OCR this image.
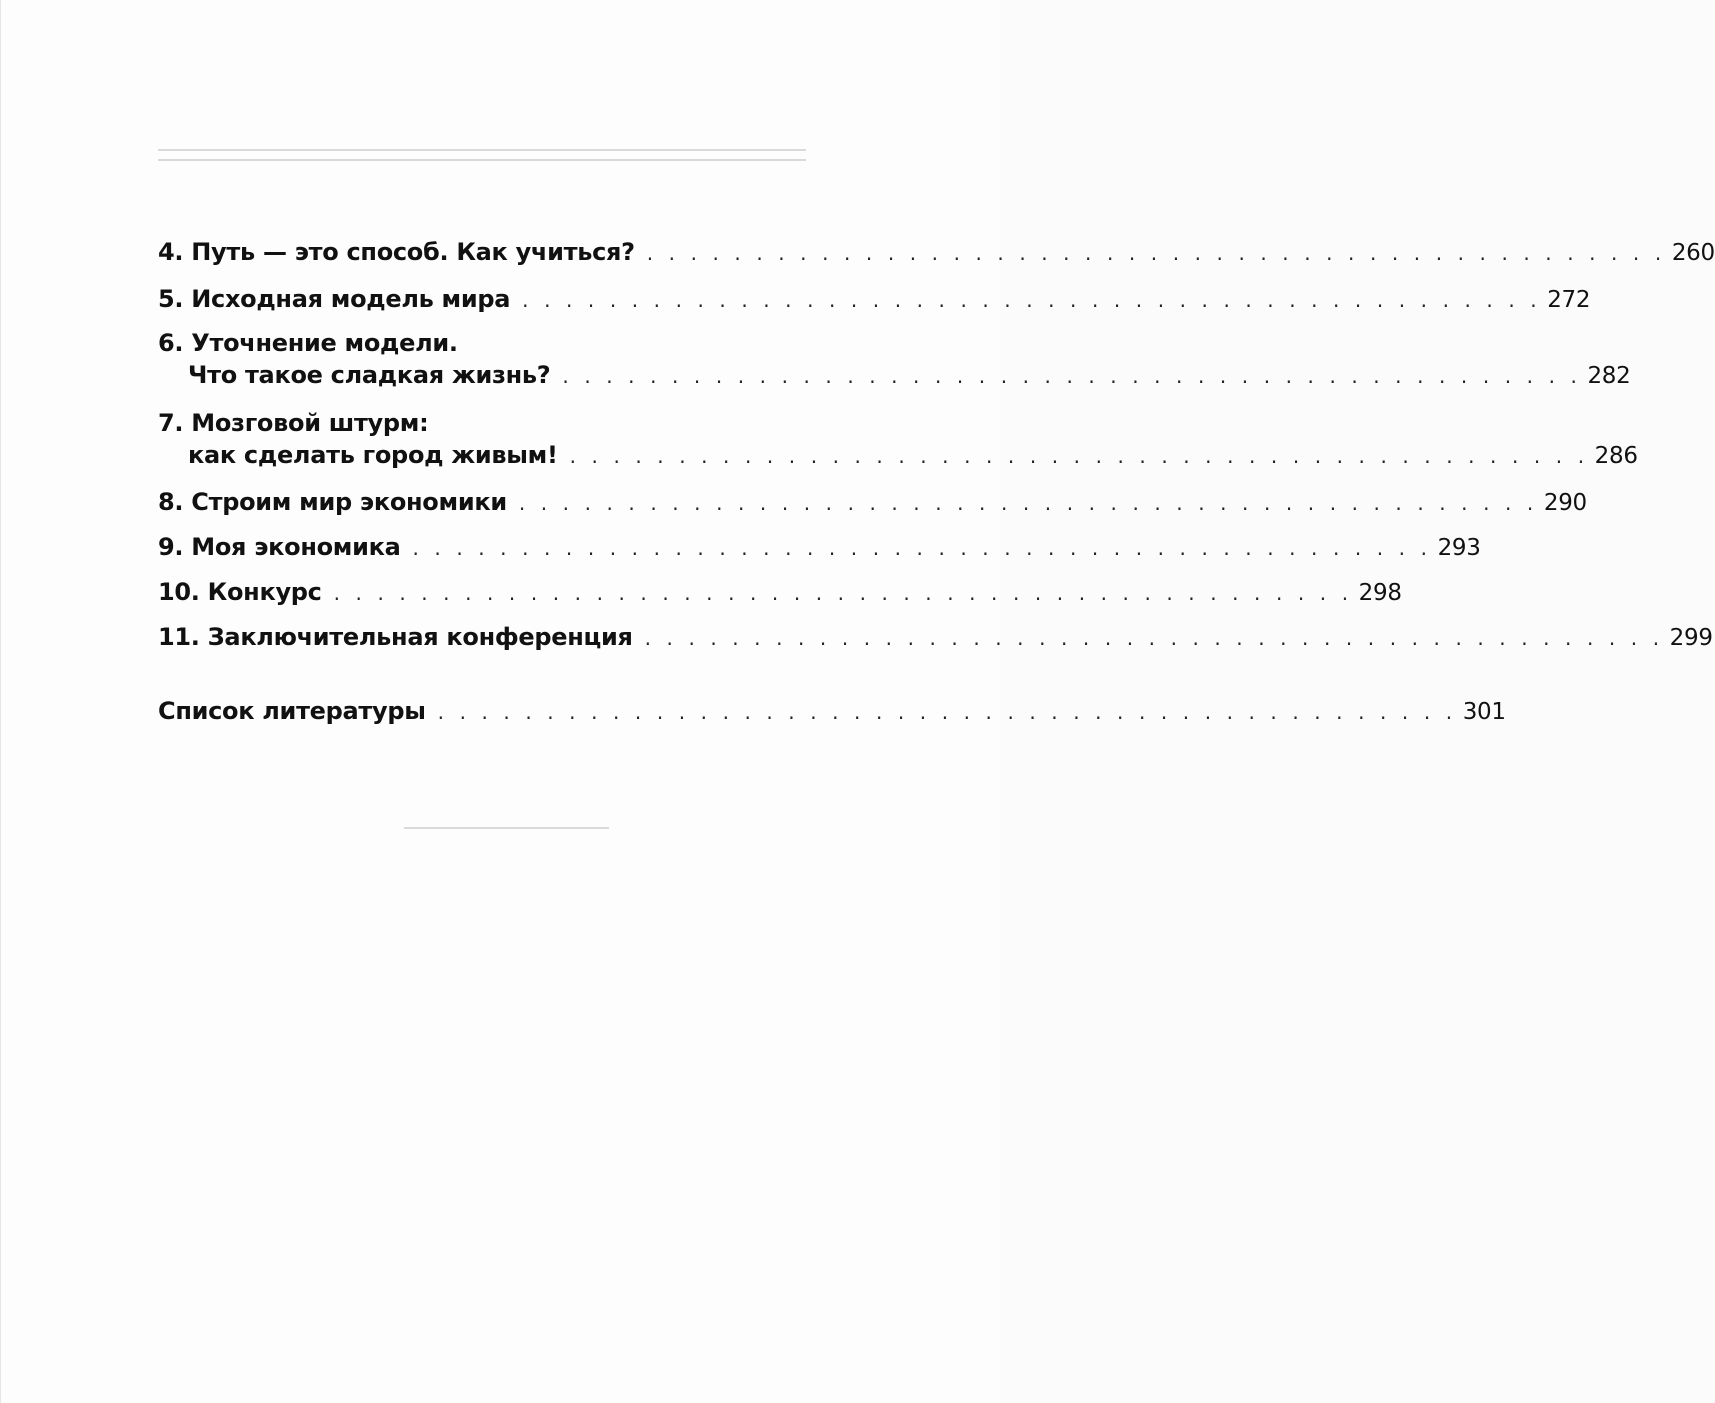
4. Путь — это способ. Как учиться? . . . . . . . . . . . . . . . . . . . . . . . . . . . . . . . . . . . . . . . . . . . . . . . 260
5. Исходная модель мира . . . . . . . . . . . . . . . . . . . . . . . . . . . . . . . . . . . . . . . . . . . . . . . 272
6. Уточнение модели.
Что такое сладкая жизнь? . . . . . . . . . . . . . . . . . . . . . . . . . . . . . . . . . . . . . . . . . . . . . . . 282
7. Мозговой штурм:
как сделать город живым! . . . . . . . . . . . . . . . . . . . . . . . . . . . . . . . . . . . . . . . . . . . . . . . 286
8. Строим мир экономики . . . . . . . . . . . . . . . . . . . . . . . . . . . . . . . . . . . . . . . . . . . . . . . 290
9. Моя экономика . . . . . . . . . . . . . . . . . . . . . . . . . . . . . . . . . . . . . . . . . . . . . . . 293
10. Конкурс . . . . . . . . . . . . . . . . . . . . . . . . . . . . . . . . . . . . . . . . . . . . . . . 298
11. Заключительная конференция . . . . . . . . . . . . . . . . . . . . . . . . . . . . . . . . . . . . . . . . . . . . . . . 299
Список литературы . . . . . . . . . . . . . . . . . . . . . . . . . . . . . . . . . . . . . . . . . . . . . . . 301
